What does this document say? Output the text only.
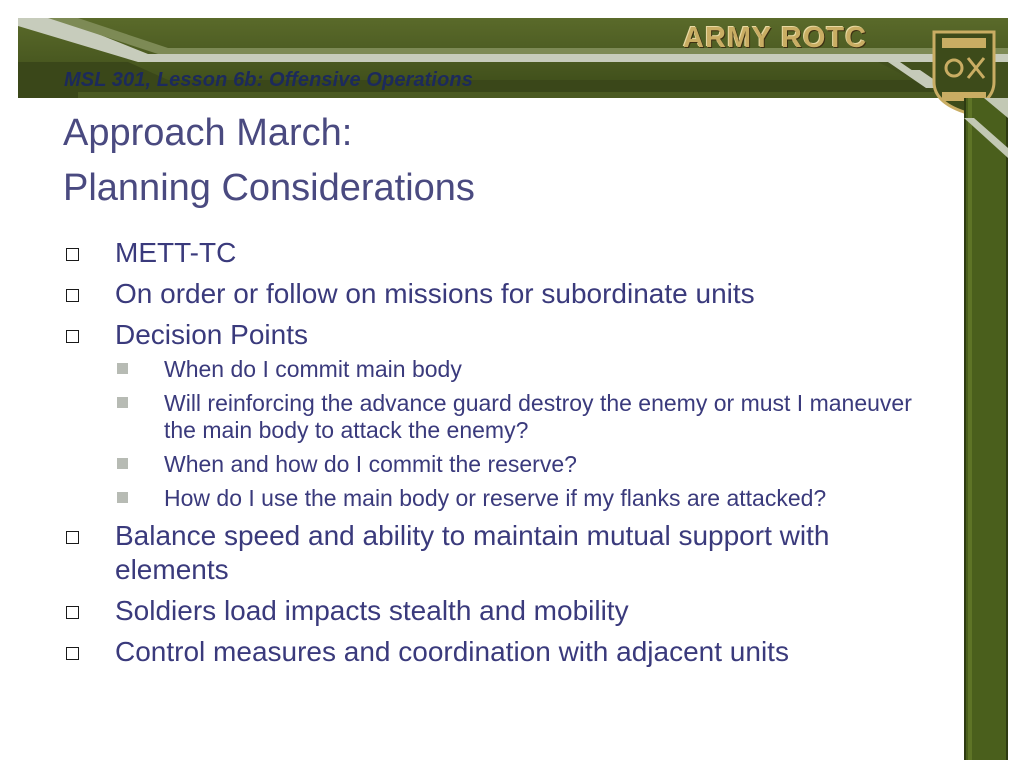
ARMY ROTC
MSL 301, Lesson 6b: Offensive Operations
Approach March:
Planning Considerations
METT-TC
On order or follow on missions for subordinate units
Decision Points
When do I commit main body
Will reinforcing the advance guard destroy the enemy or must I maneuver the main body to attack the enemy?
When and how do I commit the reserve?
How do I use the main body or reserve if my flanks are attacked?
Balance speed and ability to maintain mutual support with elements
Soldiers load impacts stealth and mobility
Control measures and coordination with adjacent units
